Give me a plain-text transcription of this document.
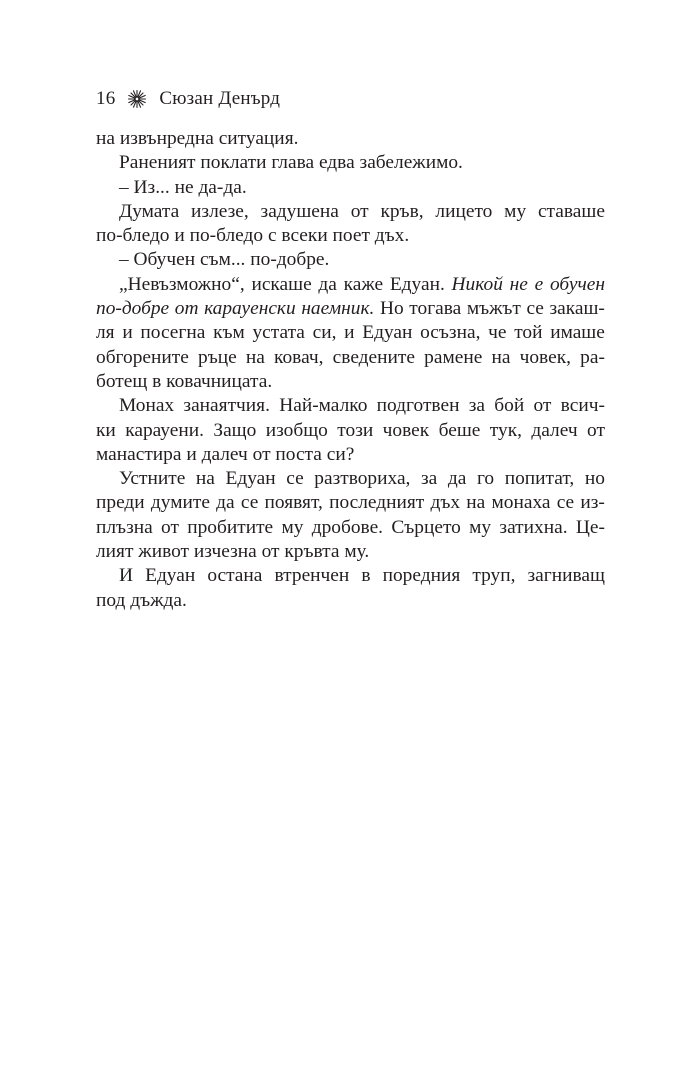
16 Сюзан Денърд
на извънредна ситуация.
Раненият поклати глава едва забележимо.
– Из... не да-да.
Думата излезе, задушена от кръв, лицето му ставаше
по-бледо и по-бледо с всеки поет дъх.
– Обучен съм... по-добре.
„Невъзможно“, искаше да каже Едуан. Никой не е обучен
по-добре от карауенски наемник. Но тогава мъжът се закаш-
ля и посегна към устата си, и Едуан осъзна, че той имаше
обгорените ръце на ковач, сведените рамене на човек, ра-
ботещ в ковачницата.
Монах занаятчия. Най-малко подготвен за бой от всич-
ки карауени. Защо изобщо този човек беше тук, далеч от
манастира и далеч от поста си?
Устните на Едуан се разтвориха, за да го попитат, но
преди думите да се появят, последният дъх на монаха се из-
плъзна от пробитите му дробове. Сърцето му затихна. Це-
лият живот изчезна от кръвта му.
И Едуан остана втренчен в поредния труп, загниващ
под дъжда.
